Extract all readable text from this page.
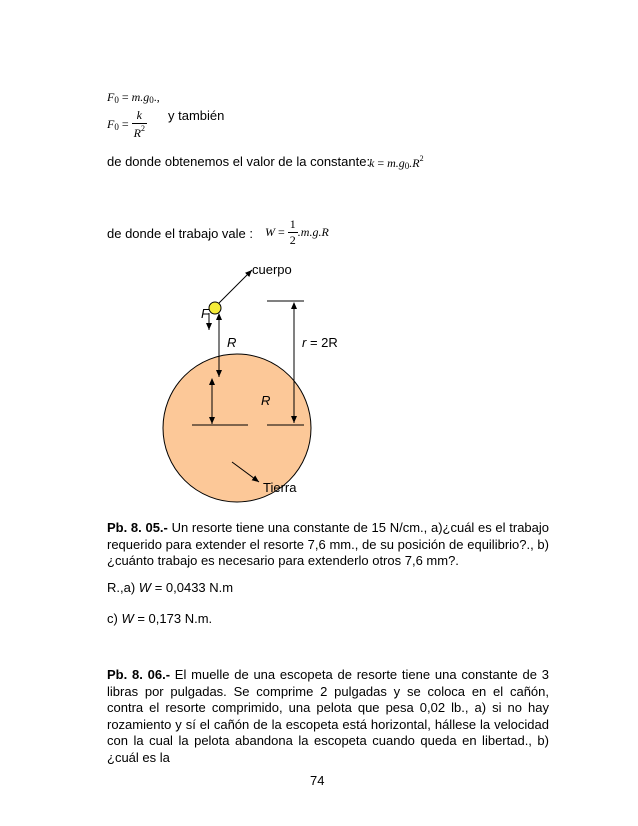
$F_0 = m.g_0$.,
$F_0 = \frac{k}{R^2}$ y también
de donde obtenemos el valor de la constante:
$k = m.g_0.R^2$
de donde el trabajo vale : $W = \frac{1}{2} .m.g.R$
cuerpo
F
R	r = 2R
R
Tierra
Pb. 8. 05.- Un resorte tiene una constante de 15 N/cm., a)¿cuál es el trabajo requerido para extender el resorte 7,6 mm., de su posición de equilibrio?., b)¿cuánto trabajo es necesario para extenderlo otros 7,6 mm?.
R.,a) W = 0,0433 N.m
c) W = 0,173 N.m.
Pb. 8. 06.- El muelle de una escopeta de resorte tiene una constante de 3 libras por pulgadas. Se comprime 2 pulgadas y se coloca en el cañón, contra el resorte comprimido, una pelota que pesa 0,02 lb., a) si no hay rozamiento y sí el cañón de la escopeta está horizontal, hállese la velocidad con la cual la pelota abandona la escopeta cuando queda en libertad., b) ¿cuál es la
74
